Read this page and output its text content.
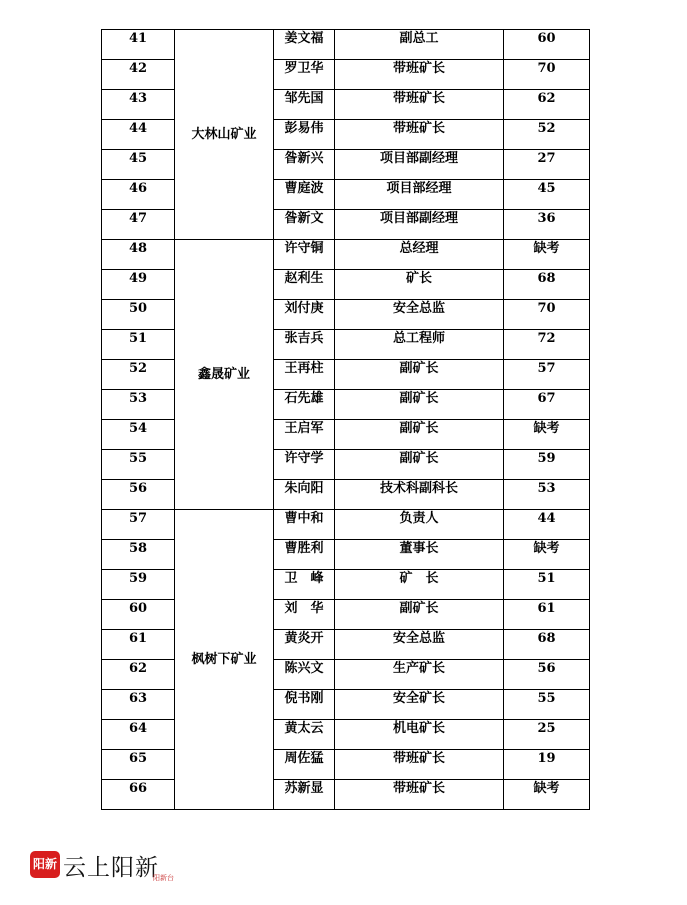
41	大林山矿业	姜文福	副总工	60
42		罗卫华	带班矿长	70
43		邹先国	带班矿长	62
44		彭易伟	带班矿长	52
45		昝新兴	项目部副经理	27
46		曹庭波	项目部经理	45
47		昝新文	项目部副经理	36
48	鑫晟矿业	许守铜	总经理	缺考
49		赵利生	矿长	68
50		刘付庚	安全总监	70
51		张吉兵	总工程师	72
52		王再柱	副矿长	57
53		石先雄	副矿长	67
54		王启军	副矿长	缺考
55		许守学	副矿长	59
56		朱向阳	技术科副科长	53
57	枫树下矿业	曹中和	负责人	44
58		曹胜利	董事长	缺考
59		卫　峰	矿　长	51
60		刘　华	副矿长	61
61		黄炎开	安全总监	68
62		陈兴文	生产矿长	56
63		倪书刚	安全矿长	55
64		黄太云	机电矿长	25
65		周佐猛	带班矿长	19
66		苏新显	带班矿长	缺考
阳新 云上阳新
阳新台
